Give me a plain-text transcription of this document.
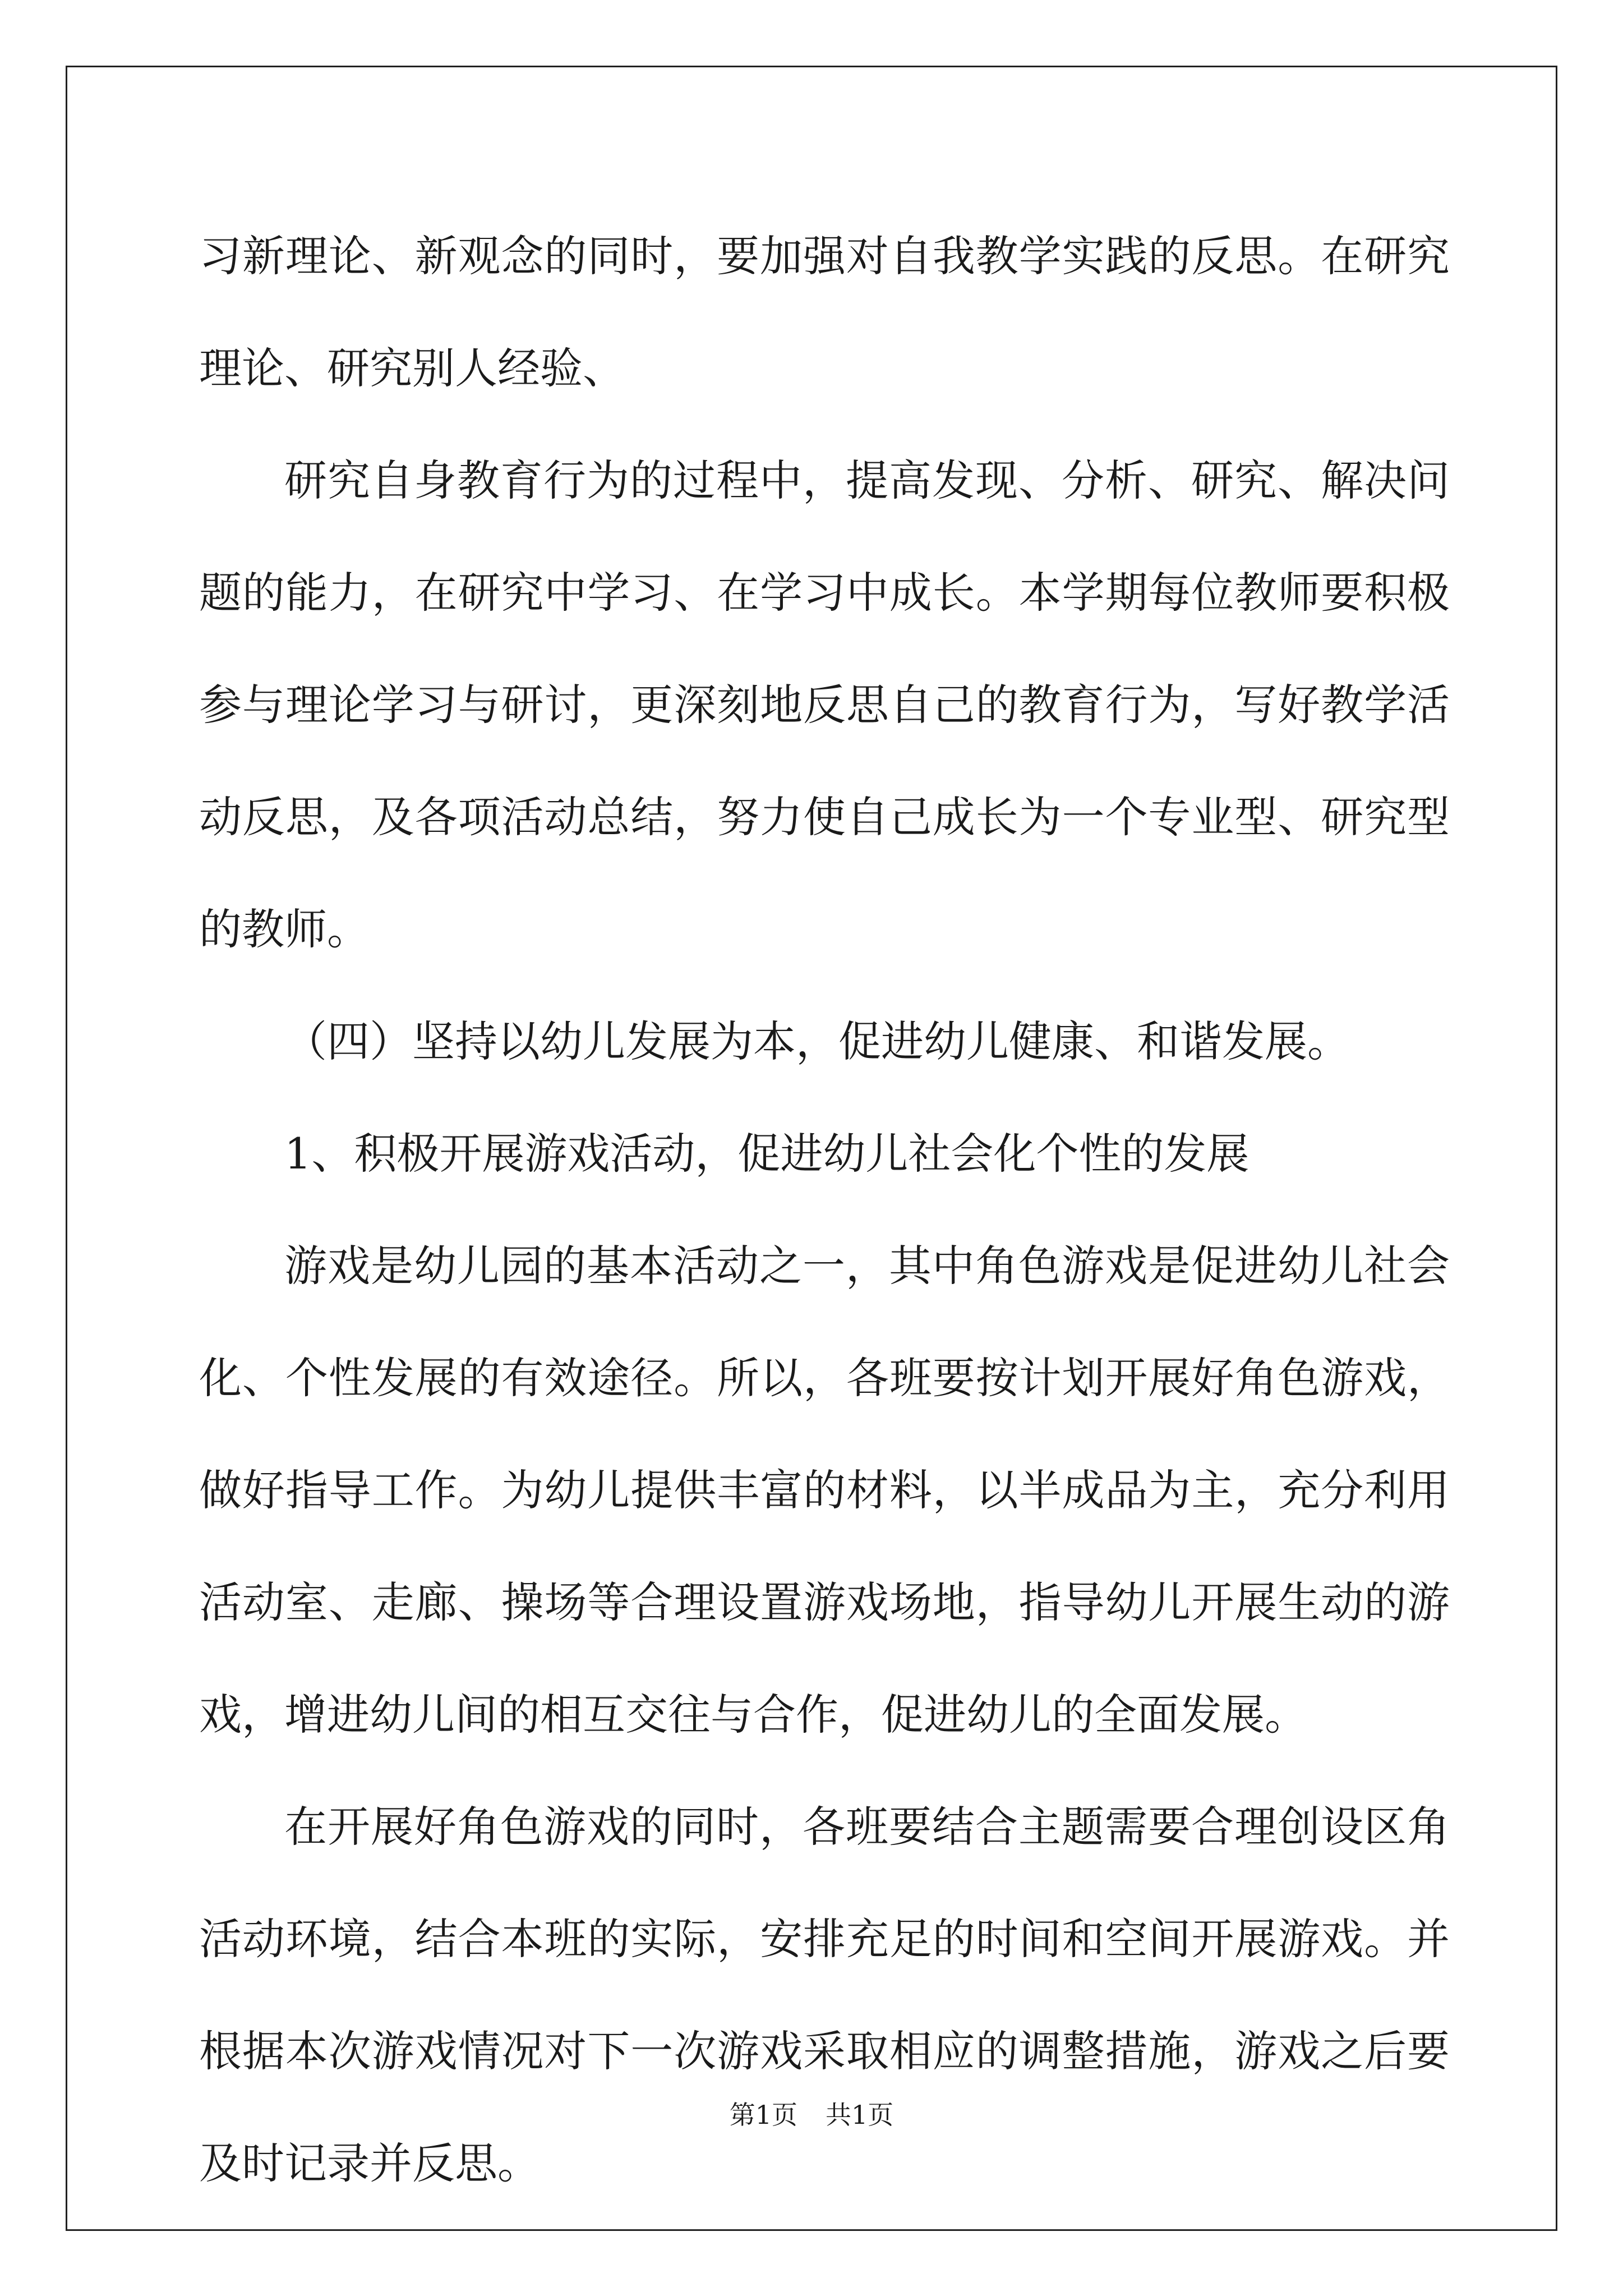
习新理论、新观念的同时，要加强对自我教学实践的反思。在研究理论、研究别人经验、

研究自身教育行为的过程中，提高发现、分析、研究、解决问题的能力，在研究中学习、在学习中成长。本学期每位教师要积极参与理论学习与研讨，更深刻地反思自己的教育行为，写好教学活动反思，及各项活动总结，努力使自己成长为一个专业型、研究型的教师。

（四）坚持以幼儿发展为本，促进幼儿健康、和谐发展。

1、积极开展游戏活动，促进幼儿社会化个性的发展

游戏是幼儿园的基本活动之一，其中角色游戏是促进幼儿社会化、个性发展的有效途径。所以，各班要按计划开展好角色游戏，做好指导工作。为幼儿提供丰富的材料，以半成品为主，充分利用活动室、走廊、操场等合理设置游戏场地，指导幼儿开展生动的游戏，增进幼儿间的相互交往与合作，促进幼儿的全面发展。

在开展好角色游戏的同时，各班要结合主题需要合理创设区角活动环境，结合本班的实际，安排充足的时间和空间开展游戏。并根据本次游戏情况对下一次游戏采取相应的调整措施，游戏之后要及时记录并反思。

第1页 共1页
